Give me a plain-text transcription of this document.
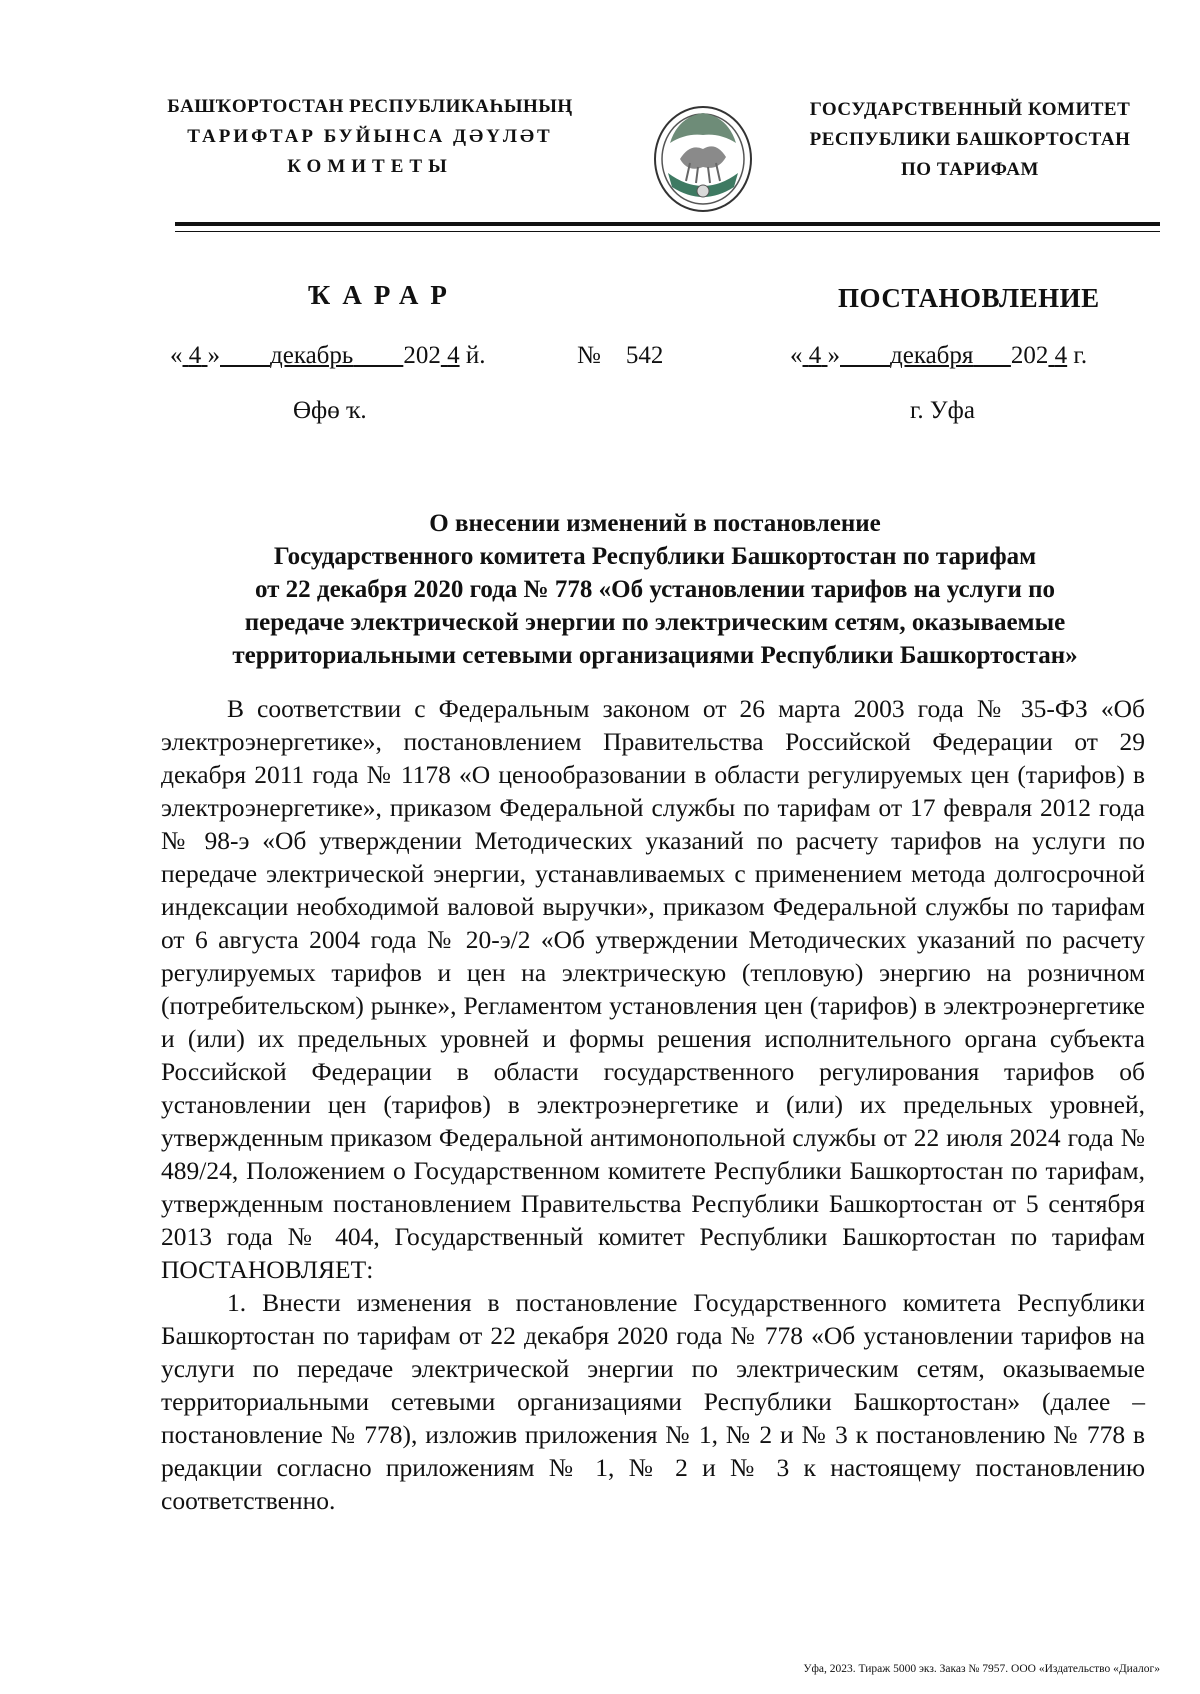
БАШҠОРТОСТАН РЕСПУБЛИКАҺЫНЫҢ
ТАРИФТАР БУЙЫНСА ДӘҮЛӘТ
КОМИТЕТЫ
ГОСУДАРСТВЕННЫЙ КОМИТЕТ
РЕСПУБЛИКИ БАШКОРТОСТАН
ПО ТАРИФАМ
ҠАРАР	ПОСТАНОВЛЕНИЕ
« 4 » декабрь 202 4 й.	№ 542	« 4 » декабря 202 4 г.
Өфө ҡ.	г. Уфа
О внесении изменений в постановление
Государственного комитета Республики Башкортостан по тарифам
от 22 декабря 2020 года № 778 «Об установлении тарифов на услуги по
передаче электрической энергии по электрическим сетям, оказываемые
территориальными сетевыми организациями Республики Башкортостан»

В соответствии с Федеральным законом от 26 марта 2003 года № 35-ФЗ «Об электроэнергетике», постановлением Правительства Российской Федерации от 29 декабря 2011 года № 1178 «О ценообразовании в области регулируемых цен (тарифов) в электроэнергетике», приказом Федеральной службы по тарифам от 17 февраля 2012 года № 98-э «Об утверждении Методических указаний по расчету тарифов на услуги по передаче электрической энергии, устанавливаемых с применением метода долгосрочной индексации необходимой валовой выручки», приказом Федеральной службы по тарифам от 6 августа 2004 года № 20-э/2 «Об утверждении Методических указаний по расчету регулируемых тарифов и цен на электрическую (тепловую) энергию на розничном (потребительском) рынке», Регламентом установления цен (тарифов) в электроэнергетике и (или) их предельных уровней и формы решения исполнительного органа субъекта Российской Федерации в области государственного регулирования тарифов об установлении цен (тарифов) в электроэнергетике и (или) их предельных уровней, утвержденным приказом Федеральной антимонопольной службы от 22 июля 2024 года № 489/24, Положением о Государственном комитете Республики Башкортостан по тарифам, утвержденным постановлением Правительства Республики Башкортостан от 5 сентября 2013 года № 404, Государственный комитет Республики Башкортостан по тарифам ПОСТАНОВЛЯЕТ:

1. Внести изменения в постановление Государственного комитета Республики Башкортостан по тарифам от 22 декабря 2020 года № 778 «Об установлении тарифов на услуги по передаче электрической энергии по электрическим сетям, оказываемые территориальными сетевыми организациями Республики Башкортостан» (далее – постановление № 778), изложив приложения № 1, № 2 и № 3 к постановлению № 778 в редакции согласно приложениям № 1, № 2 и № 3 к настоящему постановлению соответственно.

Уфа, 2023. Тираж 5000 экз. Заказ № 7957. ООО «Издательство «Диалог»
